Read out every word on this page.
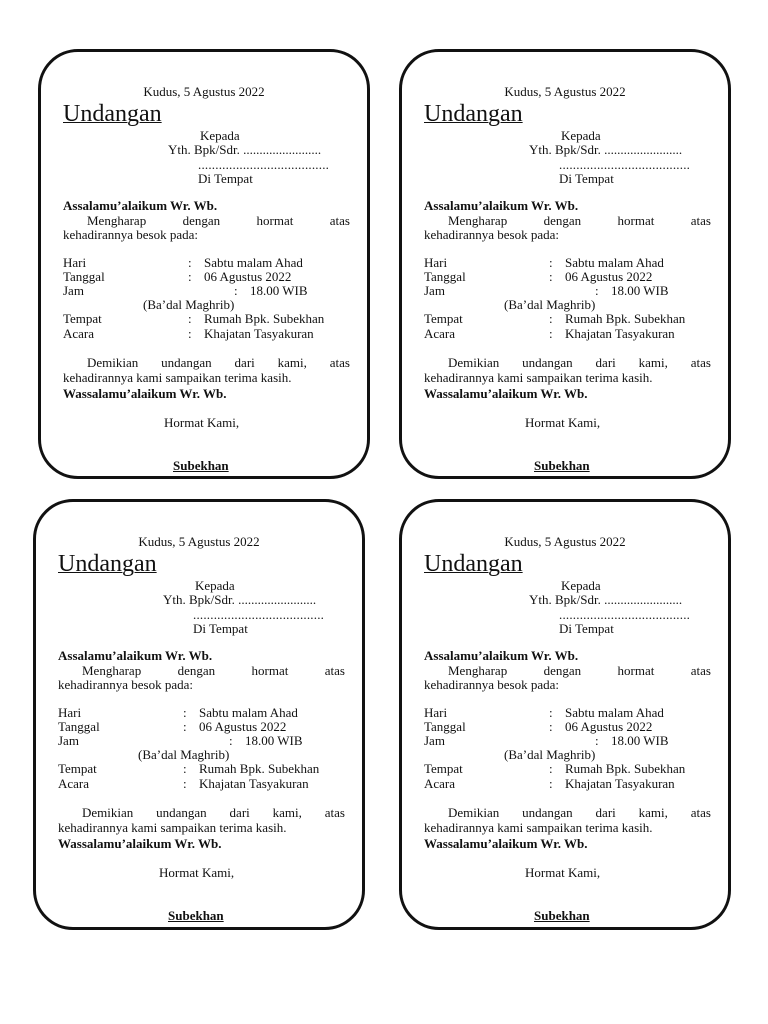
Kudus, 5 Agustus 2022
Undangan
Kepada
Yth. Bpk/Sdr. ........................
......................................
Di Tempat
Assalamu’alaikum Wr. Wb.
Mengharap dengan hormat atas
kehadirannya besok pada:
Hari	: Sabtu malam Ahad
Tanggal	: 06 Agustus 2022
Jam	: 18.00 WIB
(Ba’dal Maghrib)
Tempat	: Rumah Bpk. Subekhan
Acara	: Khajatan Tasyakuran
Demikian undangan dari kami, atas
kehadirannya kami sampaikan terima kasih.
Wassalamu’alaikum Wr. Wb.
Hormat Kami,
Subekhan
Kudus, 5 Agustus 2022
Undangan
Kepada
Yth. Bpk/Sdr. ........................
......................................
Di Tempat
Assalamu’alaikum Wr. Wb.
Mengharap dengan hormat atas
kehadirannya besok pada:
Hari	: Sabtu malam Ahad
Tanggal	: 06 Agustus 2022
Jam	: 18.00 WIB
(Ba’dal Maghrib)
Tempat	: Rumah Bpk. Subekhan
Acara	: Khajatan Tasyakuran
Demikian undangan dari kami, atas
kehadirannya kami sampaikan terima kasih.
Wassalamu’alaikum Wr. Wb.
Hormat Kami,
Subekhan
Kudus, 5 Agustus 2022
Undangan
Kepada
Yth. Bpk/Sdr. ........................
......................................
Di Tempat
Assalamu’alaikum Wr. Wb.
Mengharap dengan hormat atas
kehadirannya besok pada:
Hari	: Sabtu malam Ahad
Tanggal	: 06 Agustus 2022
Jam	: 18.00 WIB
(Ba’dal Maghrib)
Tempat	: Rumah Bpk. Subekhan
Acara	: Khajatan Tasyakuran
Demikian undangan dari kami, atas
kehadirannya kami sampaikan terima kasih.
Wassalamu’alaikum Wr. Wb.
Hormat Kami,
Subekhan
Kudus, 5 Agustus 2022
Undangan
Kepada
Yth. Bpk/Sdr. ........................
......................................
Di Tempat
Assalamu’alaikum Wr. Wb.
Mengharap dengan hormat atas
kehadirannya besok pada:
Hari	: Sabtu malam Ahad
Tanggal	: 06 Agustus 2022
Jam	: 18.00 WIB
(Ba’dal Maghrib)
Tempat	: Rumah Bpk. Subekhan
Acara	: Khajatan Tasyakuran
Demikian undangan dari kami, atas
kehadirannya kami sampaikan terima kasih.
Wassalamu’alaikum Wr. Wb.
Hormat Kami,
Subekhan
